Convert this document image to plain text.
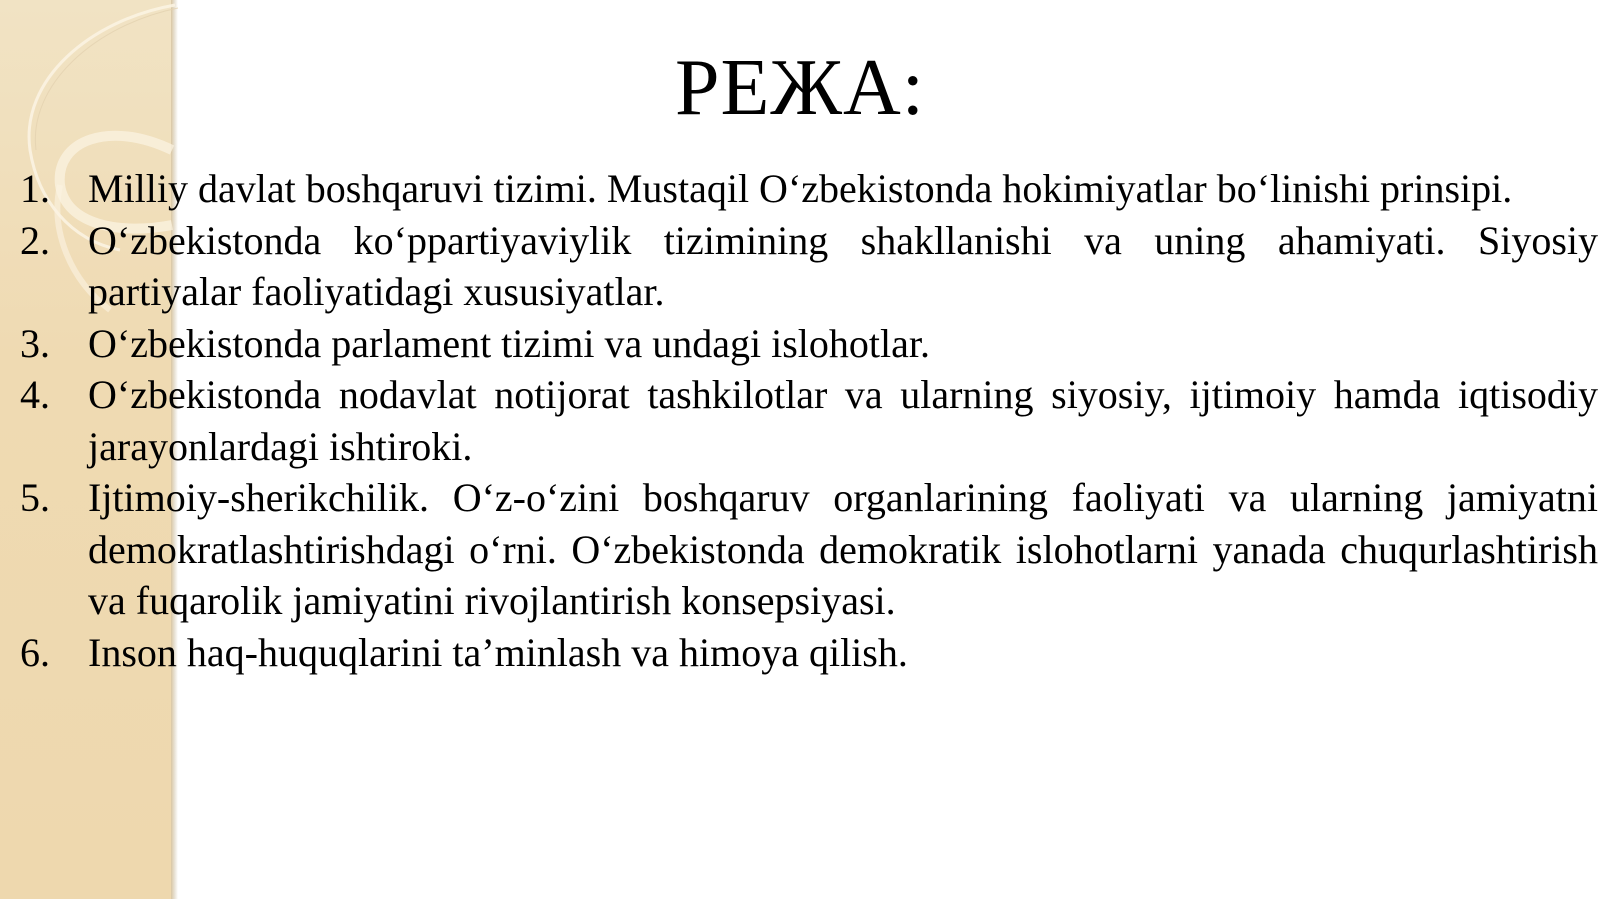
РЕЖА:
1. Milliy davlat boshqaruvi tizimi. Mustaqil O‘zbekistonda hokimiyatlar bo‘linishi prinsipi.
2. O‘zbekistonda ko‘ppartiyaviylik tizimining shakllanishi va uning ahamiyati. Siyosiy partiyalar faoliyatidagi xususiyatlar.
3. O‘zbekistonda parlament tizimi va undagi islohotlar.
4. O‘zbekistonda nodavlat notijorat tashkilotlar va ularning siyosiy, ijtimoiy hamda iqtisodiy jarayonlardagi ishtiroki.
5. Ijtimoiy-sherikchilik. O‘z-o‘zini boshqaruv organlarining faoliyati va ularning jamiyatni demokratlashtirishdagi o‘rni. O‘zbekistonda demokratik islohotlarni yanada chuqurlashtirish va fuqarolik jamiyatini rivojlantirish konsepsiyasi.
6. Inson haq-huquqlarini ta’minlash va himoya qilish.
